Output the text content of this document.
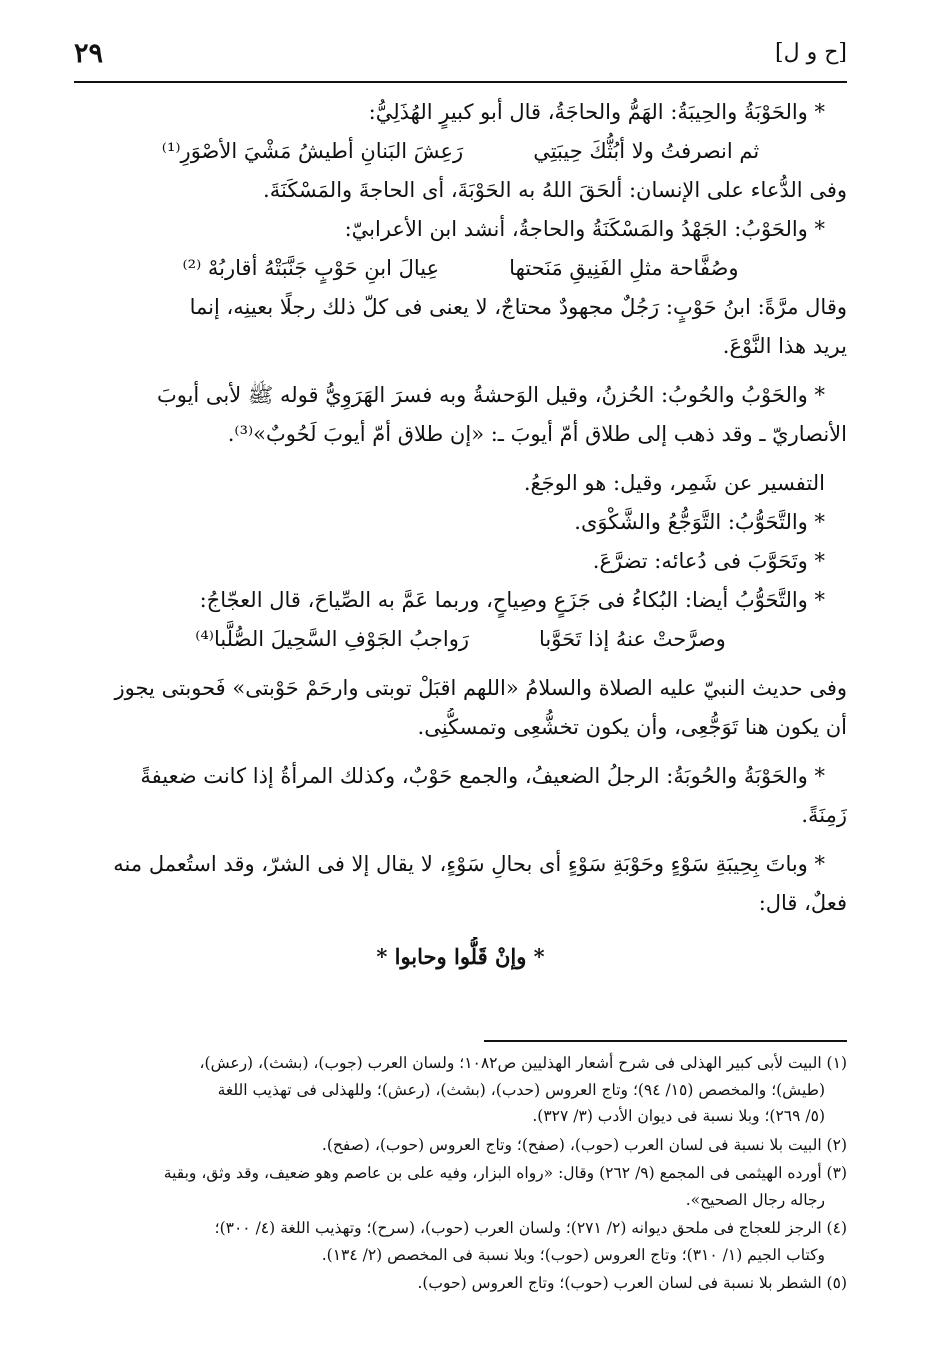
٢٩	[ح و ل]

* والحَوْبَةُ والحِيبَةُ: الهَمُّ والحاجَةُ، قال أبو كبيرٍ الهُذَلِيُّ:

ثم انصرفتُ ولا أبُثُّكَ حِيبَتِي
رَعِشَ البَنانِ أطيشُ مَشْيَ الأصْوَرِ⁽¹⁾

وفى الدُّعاء على الإنسان: ألحَقَ اللهُ به الحَوْبَةَ، أى الحاجةَ والمَسْكَنَةَ.

* والحَوْبُ: الجَهْدُ والمَسْكَنَةُ والحاجةُ، أنشد ابن الأعرابيّ:

وصُفَّاحة مثلِ الفَنِيقِ مَنَحتها
عِيالَ ابنِ حَوْبٍ جَنَّبَتْهُ أقاربُهْ ⁽²⁾

وقال مرَّةً: ابنُ حَوْبٍ: رَجُلٌ مجهودٌ محتاجٌ، لا يعنى فى كلّ ذلك رجلًا بعينِه، إنما

يريد هذا النَّوْعَ.

* والحَوْبُ والحُوبُ: الحُزنُ، وقيل الوَحشةُ وبه فسرَ الهَرَوِيُّ قوله ﷺ لأبى أيوبَ

الأنصاريّ ـ وقد ذهب إلى طلاق أمّ أيوبَ ـ: «إن طلاق أمّ أيوبَ لَحُوبٌ»⁽³⁾.

التفسير عن شَمِر، وقيل: هو الوجَعُ.

* والتَّحَوُّبُ: التَّوَجُّعُ والشَّكْوَى.

* وتَحَوَّبَ فى دُعائه: تضرَّعَ.

* والتَّحَوُّبُ أيضا: البُكاءُ فى جَزَعٍ وصِياحٍ، وربما عَمَّ به الصِّياحَ، قال العجّاجُ:

وصرَّحتْ عنهُ إذا تَحَوَّبا
رَواجبُ الجَوْفِ السَّحِيلَ الصُّلَّبا⁽⁴⁾

وفى حديث النبيّ عليه الصلاة والسلامُ «اللهم اقبَلْ توبتى وارحَمْ حَوْبتى» فَحوبتى يجوز

أن يكون هنا تَوَجُّعِى، وأن يكون تخشُّعِى وتمسكُّنِى.

* والحَوْبَةُ والحُوبَةُ: الرجلُ الضعيفُ، والجمع حَوْبٌ، وكذلك المرأةُ إذا كانت ضعيفةً

زَمِنَةً.

* وباتَ بِحِيبَةِ سَوْءٍ وحَوْبَةِ سَوْءٍ أى بحالِ سَوْءٍ، لا يقال إلا فى الشرّ، وقد استُعمل منه

فعلٌ، قال:

* وإنْ قَلُّوا وحابوا *

(١) البيت لأبى كبير الهذلى فى شرح أشعار الهذليين ص١٠٨٢؛ ولسان العرب (جوب)، (بشث)، (رعش)،

(طيش)؛ والمخصص (١٥/ ٩٤)؛ وتاج العروس (حدب)، (بشث)، (رعش)؛ وللهذلى فى تهذيب اللغة

(٥/ ٢٦٩)؛ وبلا نسبة فى ديوان الأدب (٣/ ٣٢٧).

(٢) البيت بلا نسبة فى لسان العرب (حوب)، (صفح)؛ وتاج العروس (حوب)، (صفح).

(٣) أورده الهيثمى فى المجمع (٩/ ٢٦٢) وقال: «رواه البزار، وفيه على بن عاصم وهو ضعيف، وقد وثق، وبقية

رجاله رجال الصحيح».

(٤) الرجز للعجاج فى ملحق ديوانه (٢/ ٢٧١)؛ ولسان العرب (حوب)، (سرح)؛ وتهذيب اللغة (٤/ ٣٠٠)؛

وكتاب الجيم (١/ ٣١٠)؛ وتاج العروس (حوب)؛ وبلا نسبة فى المخصص (٢/ ١٣٤).

(٥) الشطر بلا نسبة فى لسان العرب (حوب)؛ وتاج العروس (حوب).
